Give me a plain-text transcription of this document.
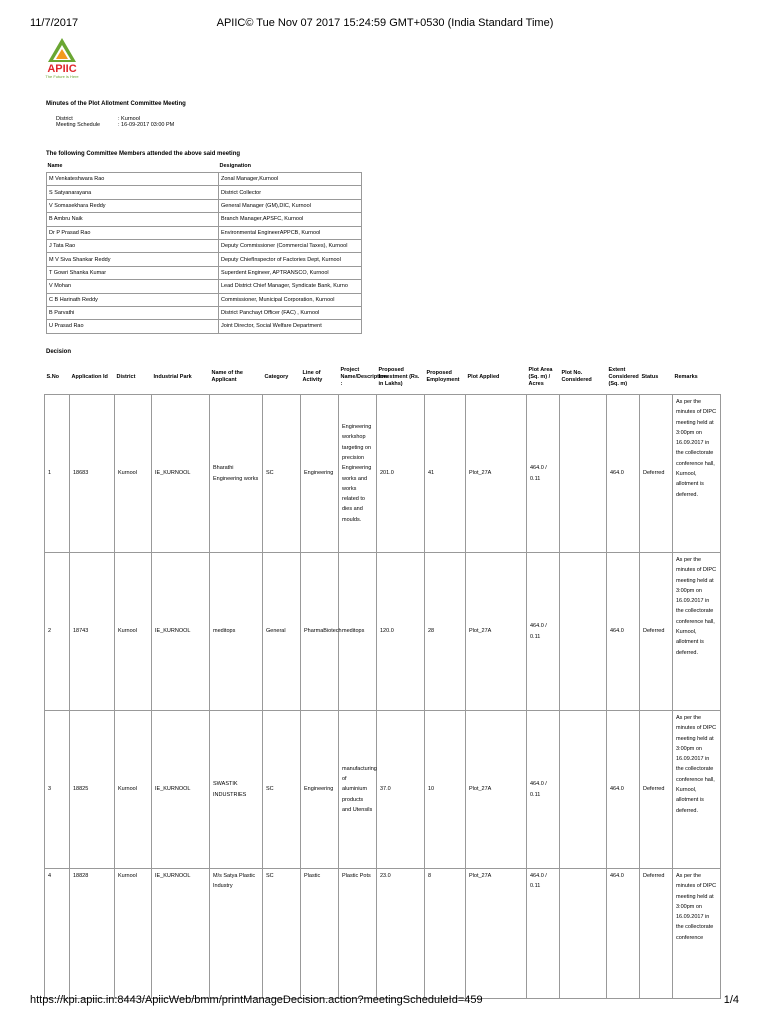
11/7/2017	APIIC© Tue Nov 07 2017 15:24:59 GMT+0530 (India Standard Time)
APIIC
The Future is Here
Minutes of the Plot Allotment Committee Meeting
District	: Kurnool
Meeting Schedule	: 16-09-2017 03:00 PM
The following Committee Members attended the above said meeting
Name	Designation
M Venkateshwara Rao	Zonal Manager,Kurnool
S Satyanarayana	District Collector
V Somasekhara Reddy	General Manager (GM),DIC, Kurnool
B Ambru Naik	Branch Manager,APSFC, Kurnool
Dr P Prasad Rao	Environmental EngineerAPPCB, Kurnool
J Tata Rao	Deputy Commissioner (Commercial Taxes), Kurnool
M V Siva Shankar Reddy	Deputy ChiefInspector of Factories Dept, Kurnool
T Gowri Shanka Kumar	Superdent Engineer, APTRANSCO, Kurnool
V Mohan	Lead District Chief Manager, Syndicate Bank, Kurno
C B Harinath Reddy	Commissioner, Municipal Corporation, Kurnool
B Parvathi	District Panchayt Officer (FAC) , Kurnool
U Prasad Rao	Joint Director, Social Welfare Department
Decision
S.No	Application Id	District	Industrial Park	Name of the Applicant	Category	Line of Activity	Project Name/Description :	Proposed Investment (Rs. in Lakhs)	Proposed Employment	Plot Applied	Plot Area (Sq. m) / Acres	Plot No. Considered	Extent Considered (Sq. m)	Status	Remarks
1	18683	Kurnool	IE_KURNOOL	Bharathi Engineering works	SC	Engineering	Engineering workshop targeting on precision Engineering works and works related to dies and moulds.	201.0	41	Plot_27A	464.0 / 0.11		464.0	Deferred	As per the minutes of DIPC meeting held at 3:00pm on 16.09.2017 in the collectorate conference hall, Kurnool, allotment is deferred.
2	18743	Kurnool	IE_KURNOOL	meditops	General	PharmaBiotech	meditops	120.0	28	Plot_27A	464.0 / 0.11		464.0	Deferred	As per the minutes of DIPC meeting held at 3:00pm on 16.09.2017 in the collectorate conference hall, Kurnool, allotment is deferred.
3	18825	Kurnool	IE_KURNOOL	SWASTIK INDUSTRIES	SC	Engineering	manufacturing of aluminium products and Utensils	37.0	10	Plot_27A	464.0 / 0.11		464.0	Deferred	As per the minutes of DIPC meeting held at 3:00pm on 16.09.2017 in the collectorate conference hall, Kurnool, allotment is deferred.
4	18828	Kurnool	IE_KURNOOL	M/s Satya Plastic Industry	SC	Plastic	Plastic Pots	23.0	8	Plot_27A	464.0 / 0.11		464.0	Deferred	As per the minutes of DIPC meeting held at 3:00pm on 16.09.2017 in the collectorate conference
https://kpi.apiic.in:8443/ApiicWeb/bmm/printManageDecision.action?meetingScheduleId=459	1/4
